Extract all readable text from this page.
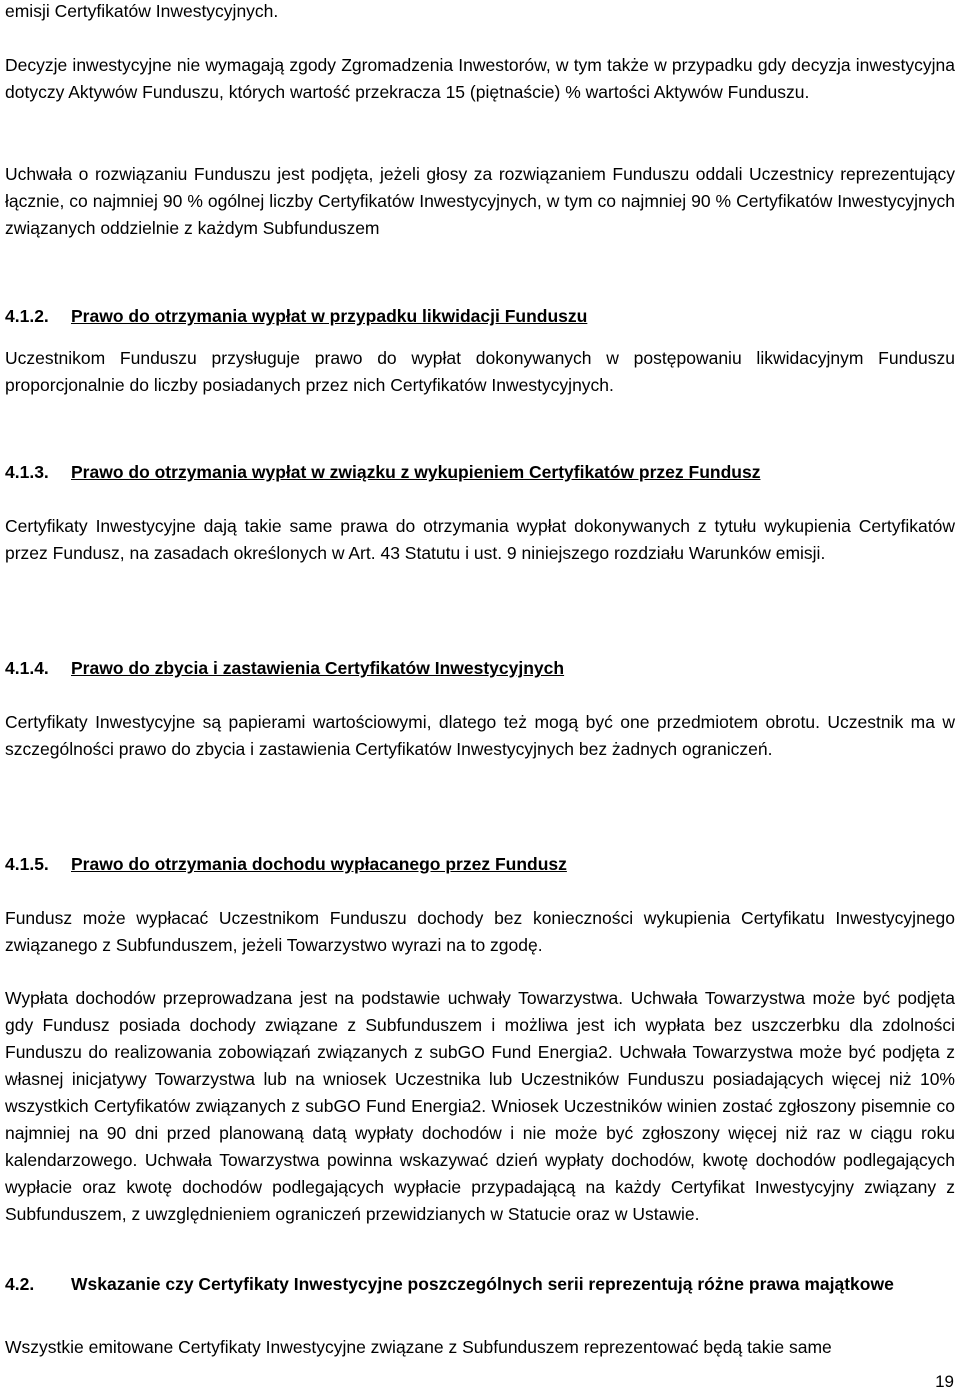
emisji Certyfikatów Inwestycyjnych.

Decyzje inwestycyjne nie wymagają zgody Zgromadzenia Inwestorów, w tym także w przypadku gdy decyzja inwestycyjna dotyczy Aktywów Funduszu, których wartość przekracza 15 (piętnaście) % wartości Aktywów Funduszu.

Uchwała o rozwiązaniu Funduszu jest podjęta, jeżeli głosy za rozwiązaniem Funduszu oddali Uczestnicy reprezentujący łącznie, co najmniej 90 % ogólnej liczby Certyfikatów Inwestycyjnych, w tym co najmniej 90 % Certyfikatów Inwestycyjnych związanych oddzielnie z każdym Subfunduszem

4.1.2. Prawo do otrzymania wypłat w przypadku likwidacji Funduszu

Uczestnikom Funduszu przysługuje prawo do wypłat dokonywanych w postępowaniu likwidacyjnym Funduszu proporcjonalnie do liczby posiadanych przez nich Certyfikatów Inwestycyjnych.

4.1.3. Prawo do otrzymania wypłat w związku z wykupieniem Certyfikatów przez Fundusz

Certyfikaty Inwestycyjne dają takie same prawa do otrzymania wypłat dokonywanych z tytułu wykupienia Certyfikatów przez Fundusz, na zasadach określonych w Art. 43 Statutu i ust. 9 niniejszego rozdziału Warunków emisji.

4.1.4. Prawo do zbycia i zastawienia Certyfikatów Inwestycyjnych

Certyfikaty Inwestycyjne są papierami wartościowymi, dlatego też mogą być one przedmiotem obrotu. Uczestnik ma w szczególności prawo do zbycia i zastawienia Certyfikatów Inwestycyjnych bez żadnych ograniczeń.

4.1.5. Prawo do otrzymania dochodu wypłacanego przez Fundusz

Fundusz może wypłacać Uczestnikom Funduszu dochody bez konieczności wykupienia Certyfikatu Inwestycyjnego związanego z Subfunduszem, jeżeli Towarzystwo wyrazi na to zgodę.

Wypłata dochodów przeprowadzana jest na podstawie uchwały Towarzystwa. Uchwała Towarzystwa może być podjęta gdy Fundusz posiada dochody związane z Subfunduszem i możliwa jest ich wypłata bez uszczerbku dla zdolności Funduszu do realizowania zobowiązań związanych z subGO Fund Energia2. Uchwała Towarzystwa może być podjęta z własnej inicjatywy Towarzystwa lub na wniosek Uczestnika lub Uczestników Funduszu posiadających więcej niż 10% wszystkich Certyfikatów związanych z subGO Fund Energia2. Wniosek Uczestników winien zostać zgłoszony pisemnie co najmniej na 90 dni przed planowaną datą wypłaty dochodów i nie może być zgłoszony więcej niż raz w ciągu roku kalendarzowego. Uchwała Towarzystwa powinna wskazywać dzień wypłaty dochodów, kwotę dochodów podlegających wypłacie oraz kwotę dochodów podlegających wypłacie przypadającą na każdy Certyfikat Inwestycyjny związany z Subfunduszem, z uwzględnieniem ograniczeń przewidzianych w Statucie oraz w Ustawie.

4.2. Wskazanie czy Certyfikaty Inwestycyjne poszczególnych serii reprezentują różne prawa majątkowe

Wszystkie emitowane Certyfikaty Inwestycyjne związane z Subfunduszem reprezentować będą takie same

19
